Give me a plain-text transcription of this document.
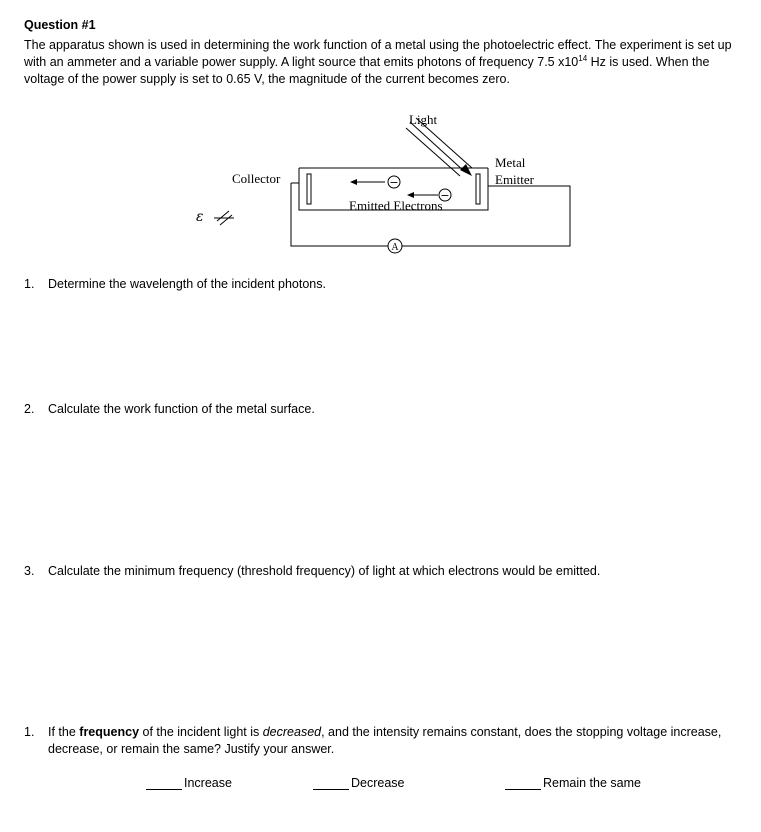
Question #1
The apparatus shown is used in determining the work function of a metal using the photoelectric effect. The experiment is set up with an ammeter and a variable power supply. A light source that emits photons of frequency 7.5 $x10^{14}$ Hz is used. When the voltage of the power supply is set to 0.65 V, the magnitude of the current becomes zero.
−
−
A
Light
Collector
Metal
Emitter
Emitted Electrons
ε
1. Determine the wavelength of the incident photons.
2. Calculate the work function of the metal surface.
3. Calculate the minimum frequency (threshold frequency) of light at which electrons would be emitted.
1. If the frequency of the incident light is decreased, and the intensity remains constant, does the stopping voltage increase, decrease, or remain the same? Justify your answer.
Increase	Decrease	Remain the same
